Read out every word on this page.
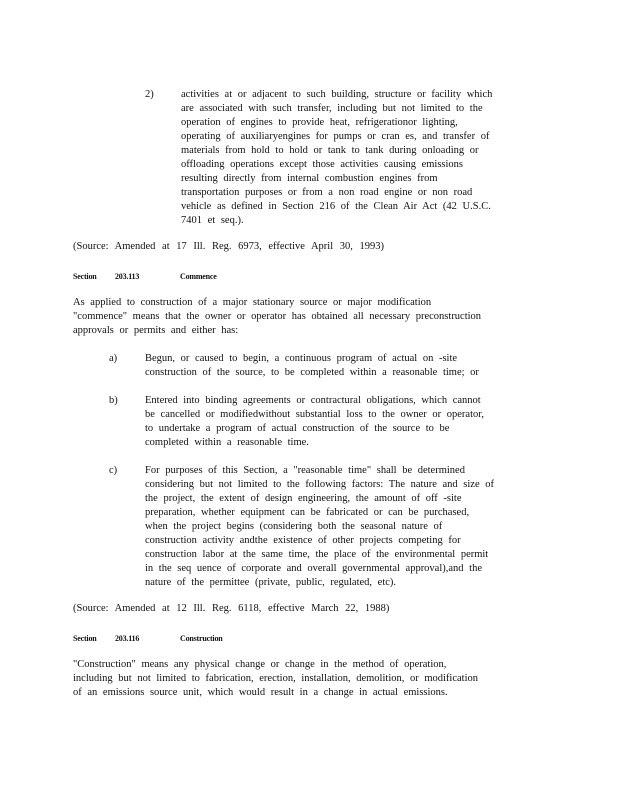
2)	activities at or adjacent to such building, structure or facility which
are associated with such transfer, including but not limited to the
operation of engines to provide heat, refrigerationor lighting,
operating of auxiliaryengines for pumps or cran es, and transfer of
materials from hold to hold or tank to tank during onloading or
offloading operations except those activities causing emissions
resulting directly from internal combustion engines from
transportation purposes or from a non road engine or non road
vehicle as defined in Section 216 of the Clean Air Act (42 U.S.C.
7401 et seq.).
(Source: Amended at 17 Ill. Reg. 6973, effective April 30, 1993)
Section 203.113	Commence
As applied to construction of a major stationary source or major modification
"commence" means that the owner or operator has obtained all necessary preconstruction
approvals or permits and either has:
a)	Begun, or caused to begin, a continuous program of actual on -site
construction of the source, to be completed within a reasonable time; or
b)	Entered into binding agreements or contractural obligations, which cannot
be cancelled or modifiedwithout substantial loss to the owner or operator,
to undertake a program of actual construction of the source to be
completed within a reasonable time.
c)	For purposes of this Section, a "reasonable time" shall be determined
considering but not limited to the following factors: The nature and size of
the project, the extent of design engineering, the amount of off -site
preparation, whether equipment can be fabricated or can be purchased,
when the project begins (considering both the seasonal nature of
construction activity andthe existence of other projects competing for
construction labor at the same time, the place of the environmental permit
in the seq uence of corporate and overall governmental approval),and the
nature of the permittee (private, public, regulated, etc).
(Source: Amended at 12 Ill. Reg. 6118, effective March 22, 1988)
Section 203.116	Construction
"Construction" means any physical change or change in the method of operation,
including but not limited to fabrication, erection, installation, demolition, or modification
of an emissions source unit, which would result in a change in actual emissions.
